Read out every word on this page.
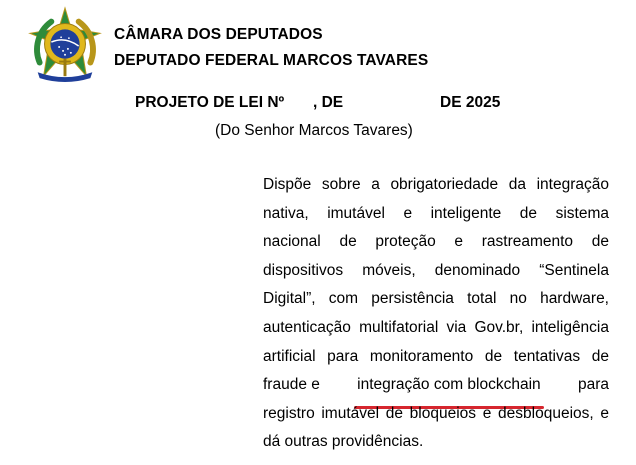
CÂMARA DOS DEPUTADOS
DEPUTADO FEDERAL MARCOS TAVARES
PROJETO DE LEI Nº , DE	DE 2025
(Do Senhor Marcos Tavares)
Dispõe sobre a obrigatoriedade da integração
nativa, imutável e inteligente de sistema
nacional de proteção e rastreamento de
dispositivos móveis, denominado “Sentinela
Digital”, com persistência total no hardware,
autenticação multifatorial via Gov.br, inteligência
artificial para monitoramento de tentativas de
fraude e integração com blockchain para
registro imutável de bloqueios e desbloqueios, e
dá outras providências.
